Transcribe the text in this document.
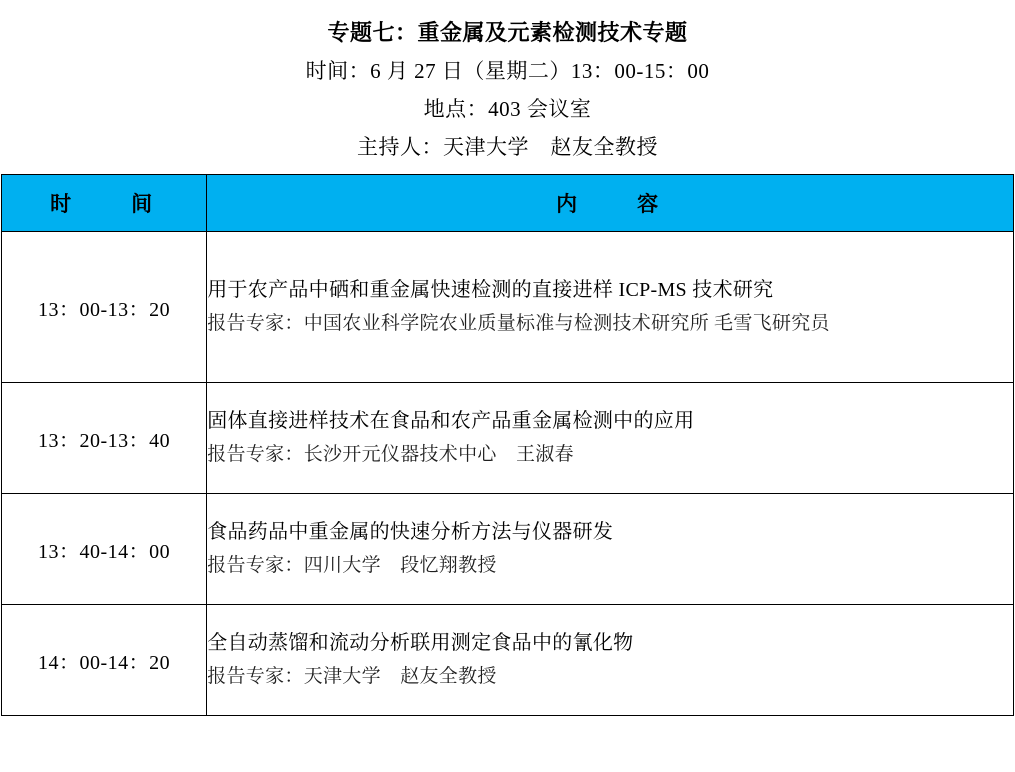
专题七：重金属及元素检测技术专题
时间：6 月 27 日（星期二）13：00-15：00
地点：403 会议室
主持人：天津大学　赵友全教授
时　　间	内　　容
13：00-13：20	用于农产品中硒和重金属快速检测的直接进样 ICP-MS 技术研究
报告专家：中国农业科学院农业质量标准与检测技术研究所 毛雪飞研究员

13：20-13：40	固体直接进样技术在食品和农产品重金属检测中的应用
报告专家：长沙开元仪器技术中心　王淑春

13：40-14：00	食品药品中重金属的快速分析方法与仪器研发
报告专家：四川大学　段忆翔教授

14：00-14：20	全自动蒸馏和流动分析联用测定食品中的氰化物
报告专家：天津大学　赵友全教授
